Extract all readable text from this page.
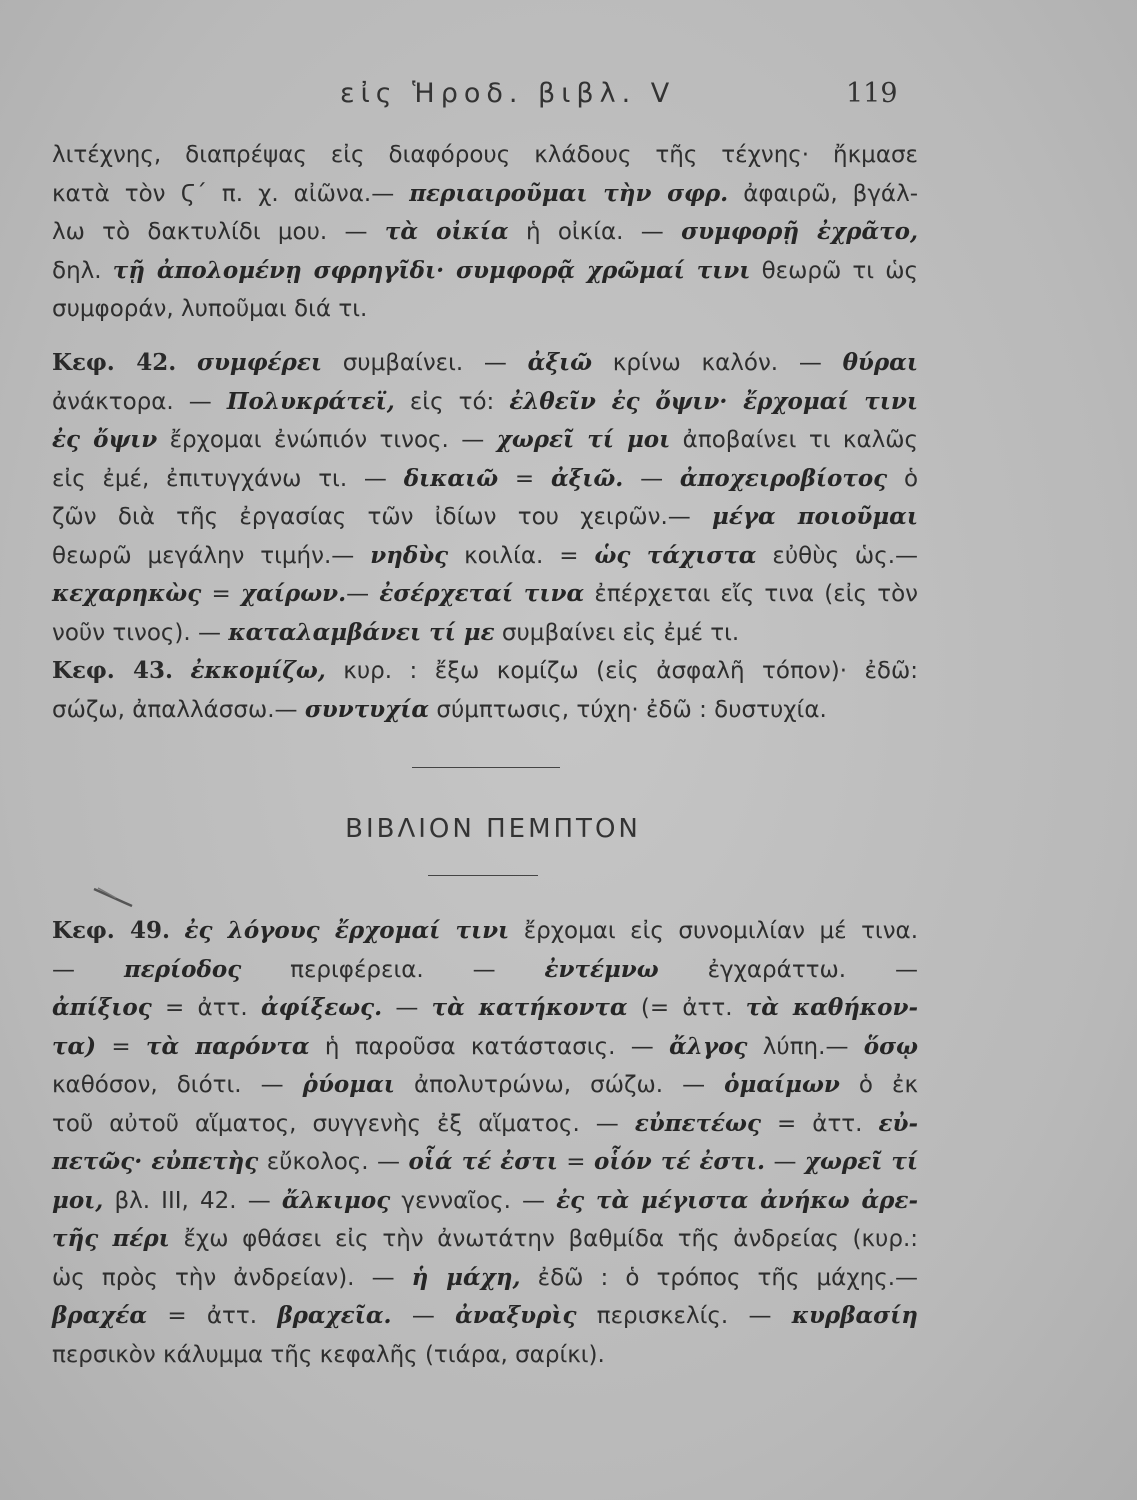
εἰς Ἡροδ. βιβλ. V	119
λιτέχνης, διαπρέψας εἰς διαφόρους κλάδους τῆς τέχνης· ἤκμασε
κατὰ τὸν Ϛ΄ π. χ. αἰῶνα.— περιαιροῦμαι τὴν σφρ. ἀφαιρῶ, βγάλ-
λω τὸ δακτυλίδι μου. — τὰ οἰκία ἡ οἰκία. — συμφορῇ ἐχρᾶτο,
δηλ. τῇ ἀπολομένῃ σφρηγῖδι· συμφορᾷ χρῶμαί τινι θεωρῶ τι ὡς
συμφοράν, λυποῦμαι διά τι.
Κεφ. 42. συμφέρει συμβαίνει. — ἀξιῶ κρίνω καλόν. — θύραι
ἀνάκτορα. — Πολυκράτεϊ, εἰς τό: ἐλθεῖν ἐς ὄψιν· ἔρχομαί τινι
ἐς ὄψιν ἔρχομαι ἐνώπιόν τινος. — χωρεῖ τί μοι ἀποβαίνει τι καλῶς
εἰς ἐμέ, ἐπιτυγχάνω τι. — δικαιῶ = ἀξιῶ. — ἀποχειροβίοτος ὁ
ζῶν διὰ τῆς ἐργασίας τῶν ἰδίων του χειρῶν.— μέγα ποιοῦμαι
θεωρῶ μεγάλην τιμήν.— νηδὺς κοιλία. = ὡς τάχιστα εὐθὺς ὡς.—
κεχαρηκὼς = χαίρων.— ἐσέρχεταί τινα ἐπέρχεται εἴς τινα (εἰς τὸν
νοῦν τινος). — καταλαμβάνει τί με συμβαίνει εἰς ἐμέ τι.
Κεφ. 43. ἐκκομίζω, κυρ. : ἔξω κομίζω (εἰς ἀσφαλῆ τόπον)· ἐδῶ:
σώζω, ἀπαλλάσσω.— συντυχία σύμπτωσις, τύχη· ἐδῶ : δυστυχία.
ΒΙΒΛΙΟΝ ΠΕΜΠΤΟΝ
Κεφ. 49. ἐς λόγους ἔρχομαί τινι ἔρχομαι εἰς συνομιλίαν μέ τινα.
— περίοδος περιφέρεια. — ἐντέμνω ἐγχαράττω. —
ἀπίξιος = ἀττ. ἀφίξεως. — τὰ κατήκοντα (= ἀττ. τὰ καθήκον-
τα) = τὰ παρόντα ἡ παροῦσα κατάστασις. — ἄλγος λύπη.— ὅσῳ
καθόσον, διότι. — ῥύομαι ἀπολυτρώνω, σώζω. — ὁμαίμων ὁ ἐκ
τοῦ αὐτοῦ αἵματος, συγγενὴς ἐξ αἵματος. — εὐπετέως = ἀττ. εὐ-
πετῶς· εὐπετὴς εὔκολος. — οἷά τέ ἐστι = οἷόν τέ ἐστι. — χωρεῖ τί
μοι, βλ. III, 42. — ἄλκιμος γενναῖος. — ἐς τὰ μέγιστα ἀνήκω ἀρε-
τῆς πέρι ἔχω φθάσει εἰς τὴν ἀνωτάτην βαθμίδα τῆς ἀνδρείας (κυρ.:
ὡς πρὸς τὴν ἀνδρείαν). — ἡ μάχη, ἐδῶ : ὁ τρόπος τῆς μάχης.—
βραχέα = ἀττ. βραχεῖα. — ἀναξυρὶς περισκελίς. — κυρβασίη
περσικὸν κάλυμμα τῆς κεφαλῆς (τιάρα, σαρίκι).
